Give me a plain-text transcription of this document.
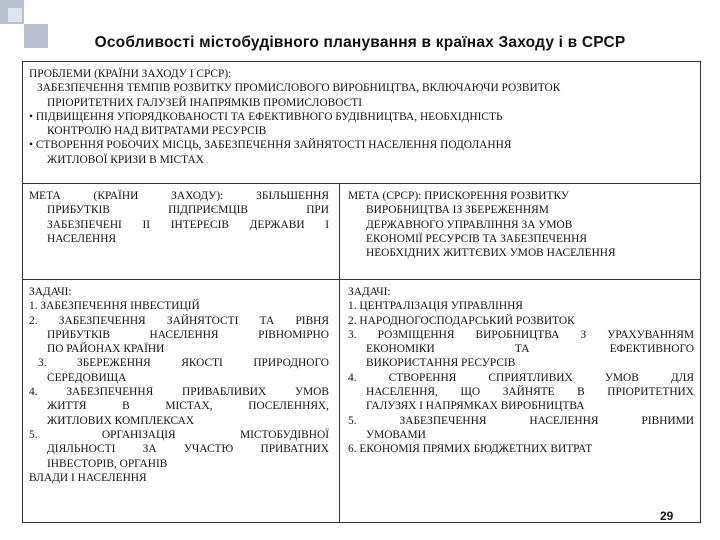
Особливості містобудівного планування в країнах Заходу і в СРСР

ПРОБЛЕМИ (КРАЇНИ ЗАХОДУ І СРСР):

ЗАБЕЗПЕЧЕННЯ ТЕМПІВ РОЗВИТКУ ПРОМИСЛОВОГО ВИРОБНИЦТВА, ВКЛЮЧАЮЧИ РОЗВИТОК

ПРІОРИТЕТНИХ ГАЛУЗЕЙ ІНАПРЯМКІВ ПРОМИСЛОВОСТІ

• ПІДВИЩЕННЯ УПОРЯДКОВАНОСТІ ТА ЕФЕКТИВНОГО БУДІВНИЦТВА, НЕОБХІДНІСТЬ

КОНТРОЛЮ НАД ВИТРАТАМИ РЕСУРСІВ

• СТВОРЕННЯ РОБОЧИХ МІСЦЬ, ЗАБЕЗПЕЧЕННЯ ЗАЙНЯТОСТІ НАСЕЛЕННЯ ПОДОЛАННЯ

ЖИТЛОВОЇ КРИЗИ В МІСТАХ

МЕТА (КРАЇНИ ЗАХОДУ): ЗБІЛЬШЕННЯ

ПРИБУТКІВ ПІДПРИЄМЦІВ ПРИ

ЗАБЕЗПЕЧЕНІ ІІ ІНТЕРЕСІВ ДЕРЖАВИ І

НАСЕЛЕННЯ

МЕТА (СРСР): ПРИСКОРЕННЯ РОЗВИТКУ

ВИРОБНИЦТВА ІЗ ЗБЕРЕЖЕННЯМ

ДЕРЖАВНОГО УПРАВЛІННЯ ЗА УМОВ

ЕКОНОМІЇ РЕСУРСІВ ТА ЗАБЕЗПЕЧЕННЯ

НЕОБХІДНИХ ЖИТТЄВИХ УМОВ НАСЕЛЕННЯ

ЗАДАЧІ:

1. ЗАБЕЗПЕЧЕННЯ ІНВЕСТИЦІЙ

2. ЗАБЕЗПЕЧЕННЯ ЗАЙНЯТОСТІ ТА РІВНЯ

ПРИБУТКІВ НАСЕЛЕННЯ РІВНОМІРНО

ПО РАЙОНАХ КРАЇНИ

3. ЗБЕРЕЖЕННЯ ЯКОСТІ ПРИРОДНОГО

СЕРЕДОВИЩА

4. ЗАБЕЗПЕЧЕННЯ ПРИВАБЛИВИХ УМОВ

ЖИТТЯ В МІСТАХ, ПОСЕЛЕННЯХ,

ЖИТЛОВИХ КОМПЛЕКСАХ

5. ОРГАНІЗАЦІЯ МІСТОБУДІВНОЇ

ДІЯЛЬНОСТІ ЗА УЧАСТЮ ПРИВАТНИХ

ІНВЕСТОРІВ, ОРГАНІВ

ВЛАДИ І НАСЕЛЕННЯ

ЗАДАЧІ:

1. ЦЕНТРАЛІЗАЦІЯ УПРАВЛІННЯ

2. НАРОДНОГОСПОДАРСЬКИЙ РОЗВИТОК

3. РОЗМІЩЕННЯ ВИРОБНИЦТВА З УРАХУВАННЯМ

ЕКОНОМІКИ ТА ЕФЕКТИВНОГО

ВИКОРИСТАННЯ РЕСУРСІВ

4. СТВОРЕННЯ СПРИЯТЛИВИХ УМОВ ДЛЯ

НАСЕЛЕННЯ, ЩО ЗАЙНЯТЕ В ПРІОРИТЕТНИХ

ГАЛУЗЯХ І НАПРЯМКАХ ВИРОБНИЦТВА

5. ЗАБЕЗПЕЧЕННЯ НАСЕЛЕННЯ РІВНИМИ

УМОВАМИ

6. ЕКОНОМІЯ ПРЯМИХ БЮДЖЕТНИХ ВИТРАТ

29
